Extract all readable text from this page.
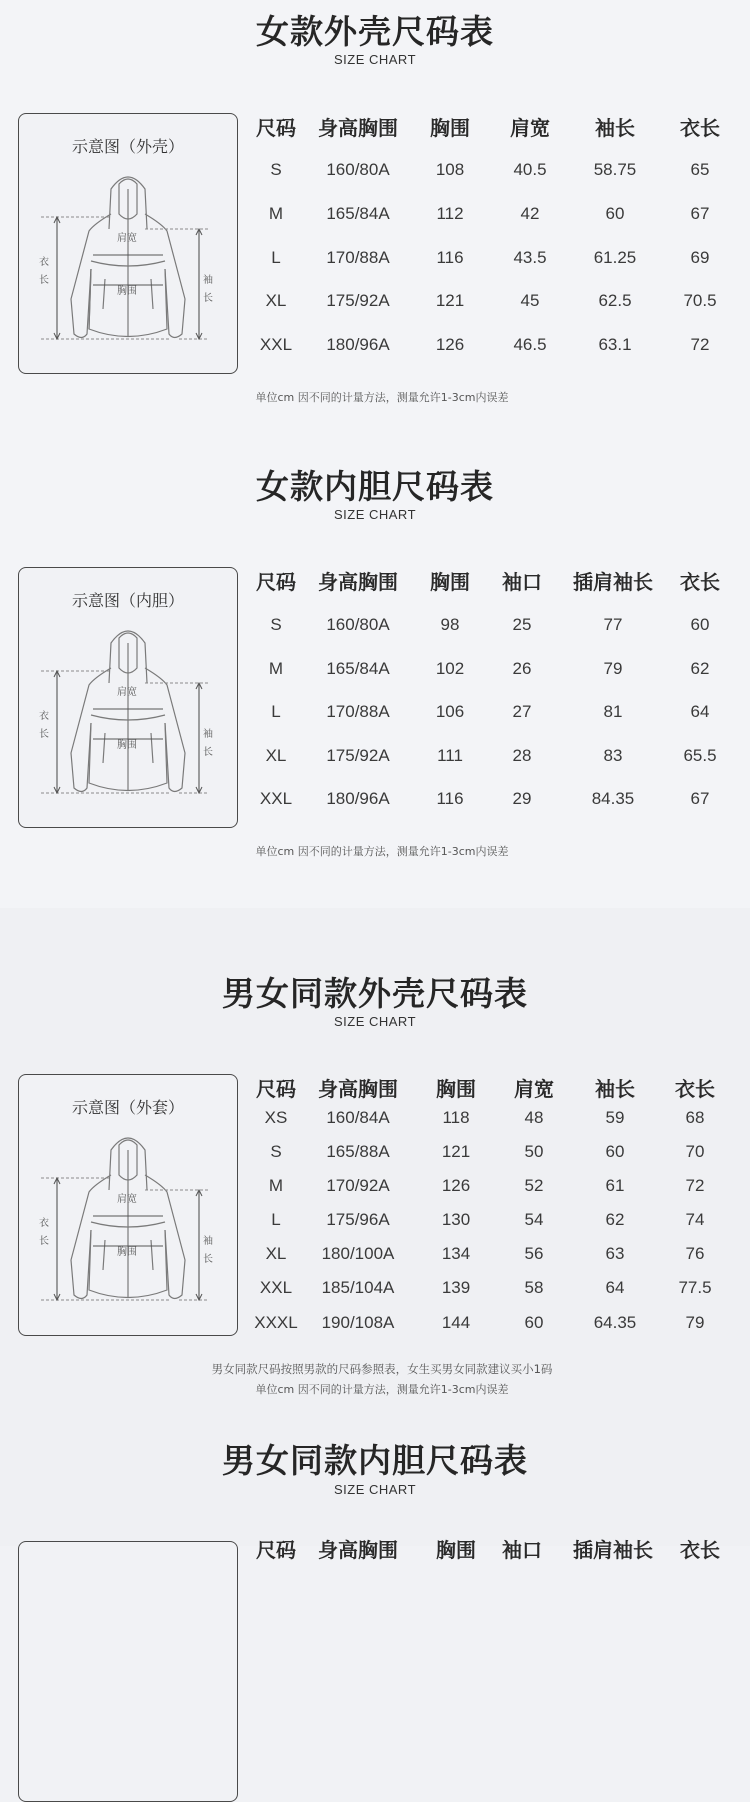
女款外壳尺码表
SIZE CHART
示意图（外壳）
肩宽
胸围
衣长	袖长
尺码	身高胸围	胸围	肩宽	袖长	衣长
S	160/80A	108	40.5	58.75	65
M	165/84A	112	42	60	67
L	170/88A	116	43.5	61.25	69
XL	175/92A	121	45	62.5	70.5
XXL	180/96A	126	46.5	63.1	72
单位cm 因不同的计量方法，测量允许1-3cm内误差
女款内胆尺码表
SIZE CHART
示意图（内胆）
肩宽
胸围
衣长	袖长
尺码	身高胸围	胸围	袖口	插肩袖长	衣长
S	160/80A	98	25	77	60
M	165/84A	102	26	79	62
L	170/88A	106	27	81	64
XL	175/92A	111	28	83	65.5
XXL	180/96A	116	29	84.35	67
单位cm 因不同的计量方法，测量允许1-3cm内误差
男女同款外壳尺码表
SIZE CHART
示意图（外套）
肩宽
胸围
衣长	袖长
尺码	身高胸围	胸围	肩宽	袖长	衣长
XS	160/84A	118	48	59	68
S	165/88A	121	50	60	70
M	170/92A	126	52	61	72
L	175/96A	130	54	62	74
XL	180/100A	134	56	63	76
XXL	185/104A	139	58	64	77.5
XXXL	190/108A	144	60	64.35	79
男女同款尺码按照男款的尺码参照表，女生买男女同款建议买小1码
单位cm 因不同的计量方法，测量允许1-3cm内误差
男女同款内胆尺码表
SIZE CHART
尺码	身高胸围	胸围	袖口	插肩袖长	衣长
